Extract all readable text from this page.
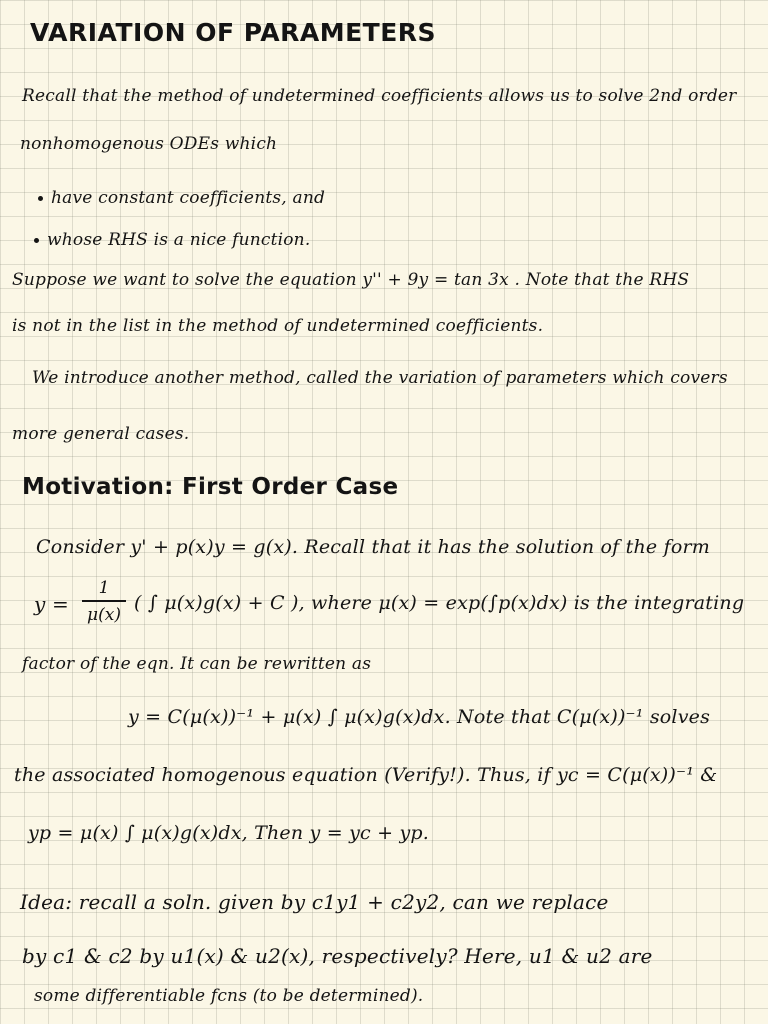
VARIATION OF PARAMETERS
Recall that the method of undetermined coefficients allows us to solve 2nd order
nonhomogenous ODEs which
have constant coefficients, and
whose RHS is a nice function.
Suppose we want to solve the equation y'' + 9y = tan 3x . Note that the RHS
is not in the list in the method of undetermined coefficients.
We introduce another method, called the variation of parameters which covers
more general cases.
Motivation: First Order Case
Consider y' + p(x)y = g(x). Recall that it has the solution of the form
y =
1
μ(x)
( ∫ μ(x)g(x) + C ), where μ(x) = exp(∫p(x)dx) is the integrating
factor of the eqn. It can be rewritten as
y = C(μ(x))⁻¹ + μ(x) ∫ μ(x)g(x)dx. Note that C(μ(x))⁻¹ solves
the associated homogenous equation (Verify!). Thus, if yc = C(μ(x))⁻¹ &
yp = μ(x) ∫ μ(x)g(x)dx, Then y = yc + yp.
Idea: recall a soln. given by c1y1 + c2y2, can we replace
by c1 & c2 by u1(x) & u2(x), respectively? Here, u1 & u2 are
some differentiable fcns (to be determined).
